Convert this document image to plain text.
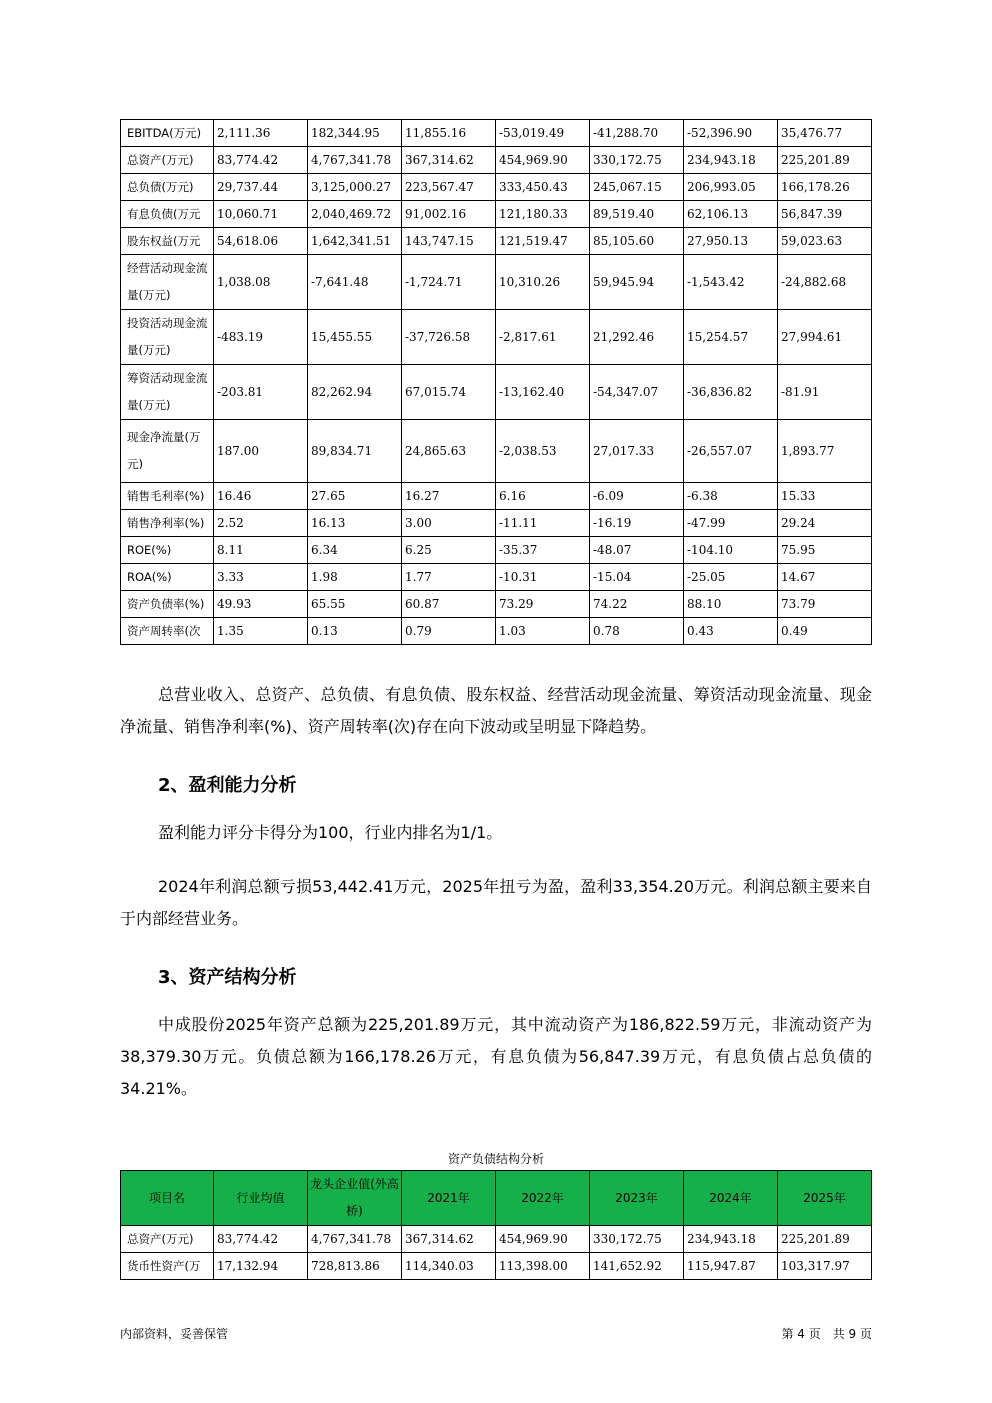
EBITDA(万元)	2,111.36	182,344.95	11,855.16	-53,019.49	-41,288.70	-52,396.90	35,476.77
总资产(万元)	83,774.42	4,767,341.78	367,314.62	454,969.90	330,172.75	234,943.18	225,201.89
总负债(万元)	29,737.44	3,125,000.27	223,567.47	333,450.43	245,067.15	206,993.05	166,178.26
有息负债(万元	10,060.71	2,040,469.72	91,002.16	121,180.33	89,519.40	62,106.13	56,847.39
股东权益(万元	54,618.06	1,642,341.51	143,747.15	121,519.47	85,105.60	27,950.13	59,023.63
经营活动现金流量(万元)	1,038.08	-7,641.48	-1,724.71	10,310.26	59,945.94	-1,543.42	-24,882.68
投资活动现金流量(万元)	-483.19	15,455.55	-37,726.58	-2,817.61	21,292.46	15,254.57	27,994.61
筹资活动现金流量(万元)	-203.81	82,262.94	67,015.74	-13,162.40	-54,347.07	-36,836.82	-81.91
现金净流量(万元)	187.00	89,834.71	24,865.63	-2,038.53	27,017.33	-26,557.07	1,893.77
销售毛利率(%)	16.46	27.65	16.27	6.16	-6.09	-6.38	15.33
销售净利率(%)	2.52	16.13	3.00	-11.11	-16.19	-47.99	29.24
ROE(%)	8.11	6.34	6.25	-35.37	-48.07	-104.10	75.95
ROA(%)	3.33	1.98	1.77	-10.31	-15.04	-25.05	14.67
资产负债率(%)	49.93	65.55	60.87	73.29	74.22	88.10	73.79
资产周转率(次	1.35	0.13	0.79	1.03	0.78	0.43	0.49

总营业收入、总资产、总负债、有息负债、股东权益、经营活动现金流量、筹资活动现金流量、现金净流量、销售净利率(%)、资产周转率(次)存在向下波动或呈明显下降趋势。

2、盈利能力分析

盈利能力评分卡得分为100，行业内排名为1/1。

2024年利润总额亏损53,442.41万元，2025年扭亏为盈，盈利33,354.20万元。利润总额主要来自于内部经营业务。

3、资产结构分析

中成股份2025年资产总额为225,201.89万元，其中流动资产为186,822.59万元，非流动资产为38,379.30万元。负债总额为166,178.26万元，有息负债为56,847.39万元，有息负债占总负债的34.21%。

资产负债结构分析
项目名	行业均值	龙头企业值(外高桥)	2021年	2022年	2023年	2024年	2025年
总资产(万元)	83,774.42	4,767,341.78	367,314.62	454,969.90	330,172.75	234,943.18	225,201.89
货币性资产(万	17,132.94	728,813.86	114,340.03	113,398.00	141,652.92	115,947.87	103,317.97
内部资料，妥善保管	第 4 页　共 9 页
